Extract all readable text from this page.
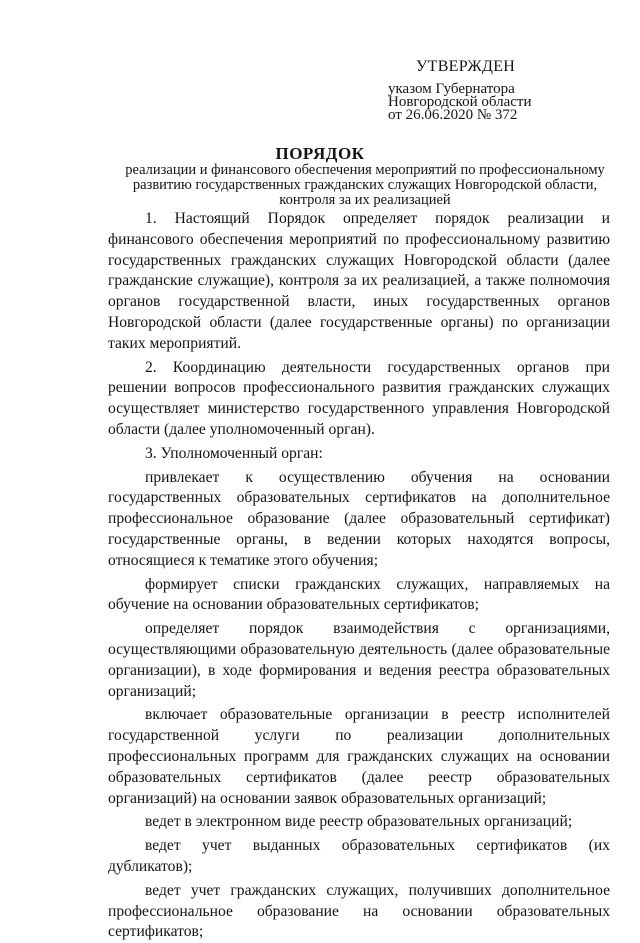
УТВЕРЖДЕН
указом Губернатора
Новгородской области
от 26.06.2020 № 372
ПОРЯДОК
реализации и финансового обеспечения мероприятий по профессиональному
развитию государственных гражданских служащих Новгородской области,
контроля за их реализацией

1. Настоящий Порядок определяет порядок реализации и финансового обеспечения мероприятий по профессиональному развитию государственных гражданских служащих Новгородской области (далее гражданские служащие), контроля за их реализацией, а также полномочия органов государственной власти, иных государственных органов Новгородской области (далее государственные органы) по организации таких мероприятий.

2. Координацию деятельности государственных органов при решении вопросов профессионального развития гражданских служащих осуществляет министерство государственного управления Новгородской области (далее уполномоченный орган).

3. Уполномоченный орган:

привлекает к осуществлению обучения на основании государственных образовательных сертификатов на дополнительное профессиональное образование (далее образовательный сертификат) государственные органы, в ведении которых находятся вопросы, относящиеся к тематике этого обучения;

формирует списки гражданских служащих, направляемых на обучение на основании образовательных сертификатов;

определяет порядок взаимодействия с организациями, осуществляющими образовательную деятельность (далее образовательные организации), в ходе формирования и ведения реестра образовательных организаций;

включает образовательные организации в реестр исполнителей государственной услуги по реализации дополнительных профессиональных программ для гражданских служащих на основании образовательных сертификатов (далее реестр образовательных организаций) на основании заявок образовательных организаций;

ведет в электронном виде реестр образовательных организаций;

ведет учет выданных образовательных сертификатов (их дубликатов);

ведет учет гражданских служащих, получивших дополнительное профессиональное образование на основании образовательных сертификатов;
